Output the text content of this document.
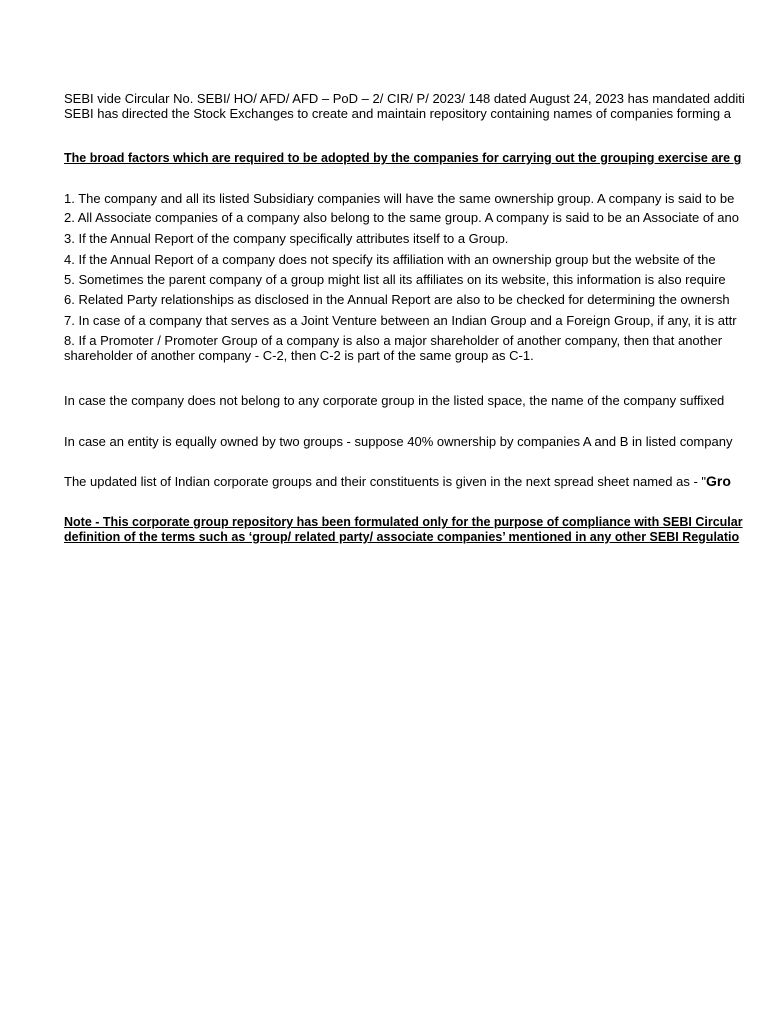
SEBI vide Circular No. SEBI/ HO/ AFD/ AFD – PoD – 2/ CIR/ P/ 2023/ 148 dated August 24, 2023 has mandated additi
SEBI has directed the Stock Exchanges to create and maintain repository containing names of companies forming a
The broad factors which are required to be adopted by the companies for carrying out the grouping exercise are g
1. The company and all its listed Subsidiary companies will have the same ownership group. A company is said to be
2. All Associate companies of a company also belong to the same group. A company is said to be an Associate of ano
3. If the Annual Report of the company specifically attributes itself to a Group.
4. If the Annual Report of a company does not specify its affiliation with an ownership group but the website of the
5. Sometimes the parent company of a group might list all its affiliates on its website, this information is also require
6. Related Party relationships as disclosed in the Annual Report are also to be checked for determining the ownersh
7. In case of a company that serves as a Joint Venture between an Indian Group and a Foreign Group, if any, it is attr
8. If a Promoter / Promoter Group of a company is also a major shareholder of another company, then that another
shareholder of another company - C-2, then C-2 is part of the same group as C-1.
In case the company does not belong to any corporate group in the listed space, the name of the company suffixed
In case an entity is equally owned by two groups - suppose 40% ownership by companies A and B in listed company
The updated list of Indian corporate groups and their constituents is given in the next spread sheet named as - "Gro
Note - This corporate group repository has been formulated only for the purpose of compliance with SEBI Circular
definition of the terms such as ‘group/ related party/ associate companies’ mentioned in any other SEBI Regulatio
